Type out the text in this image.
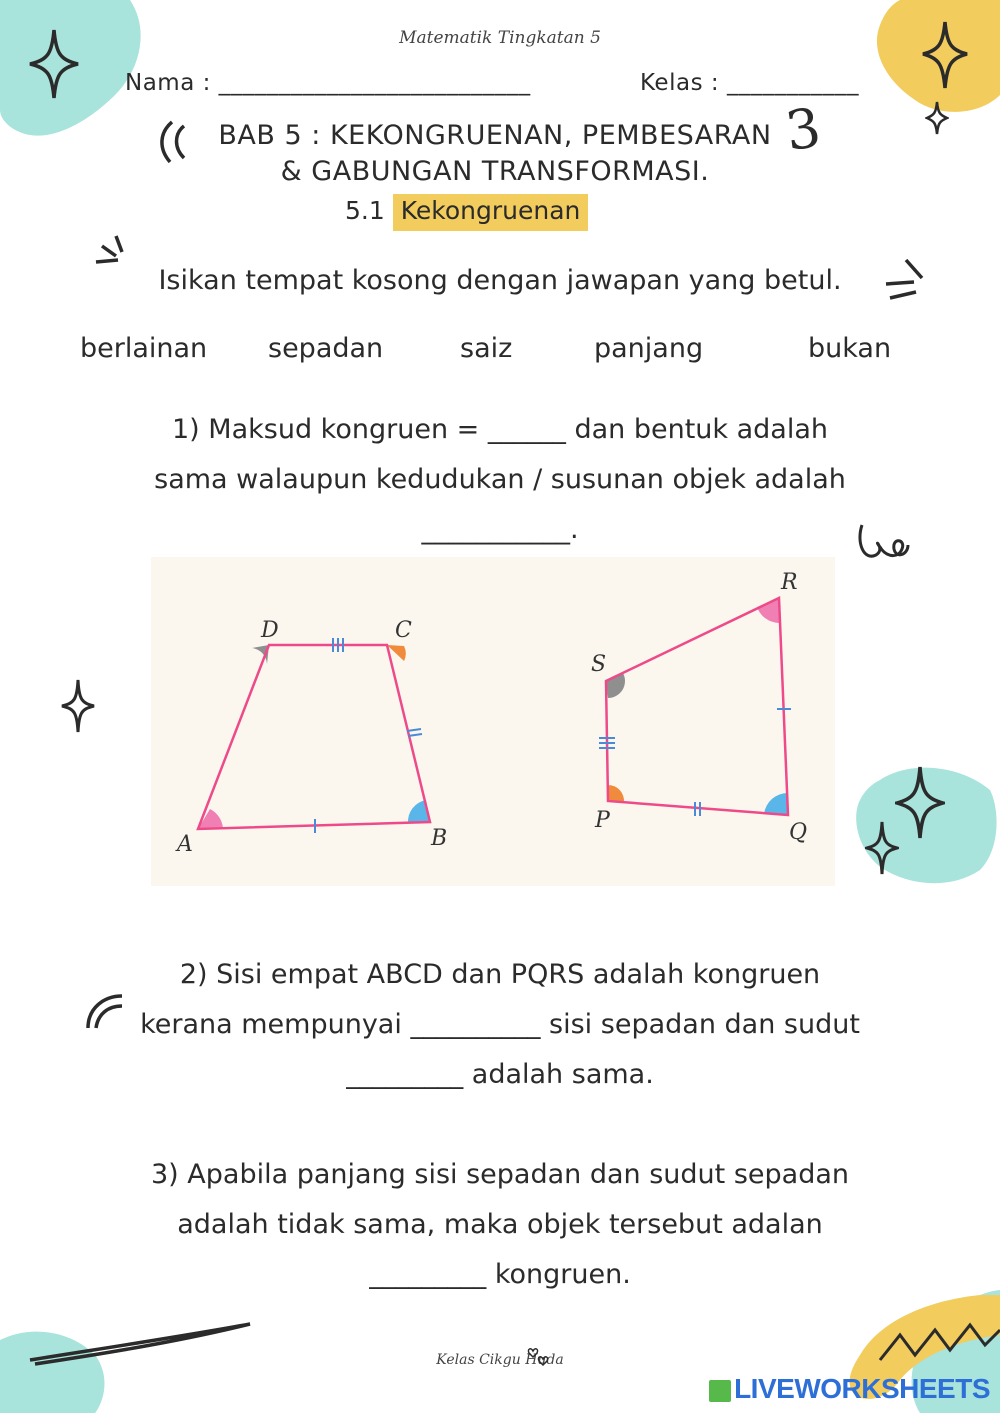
Matematik Tingkatan 5
Nama : __________________________	Kelas : ___________
BAB 5 : KEKONGRUENAN, PEMBESARAN
& GABUNGAN TRANSFORMASI.
3
5.1 Kekongruenan
Isikan tempat kosong dengan jawapan yang betul.
berlainan sepadan	saiz	panjang	bukan
1) Maksud kongruen = ______ dan bentuk adalah
sama walaupun kedudukan / susunan objek adalah
___________.
D	C
A	B
R
S
P	Q
2) Sisi empat ABCD dan PQRS adalah kongruen
kerana mempunyai __________ sisi sepadan dan sudut
_________ adalah sama.
3) Apabila panjang sisi sepadan dan sudut sepadan
adalah tidak sama, maka objek tersebut adalan
_________ kongruen.
Kelas Cikgu Huda
LIVEWORKSHEETS
